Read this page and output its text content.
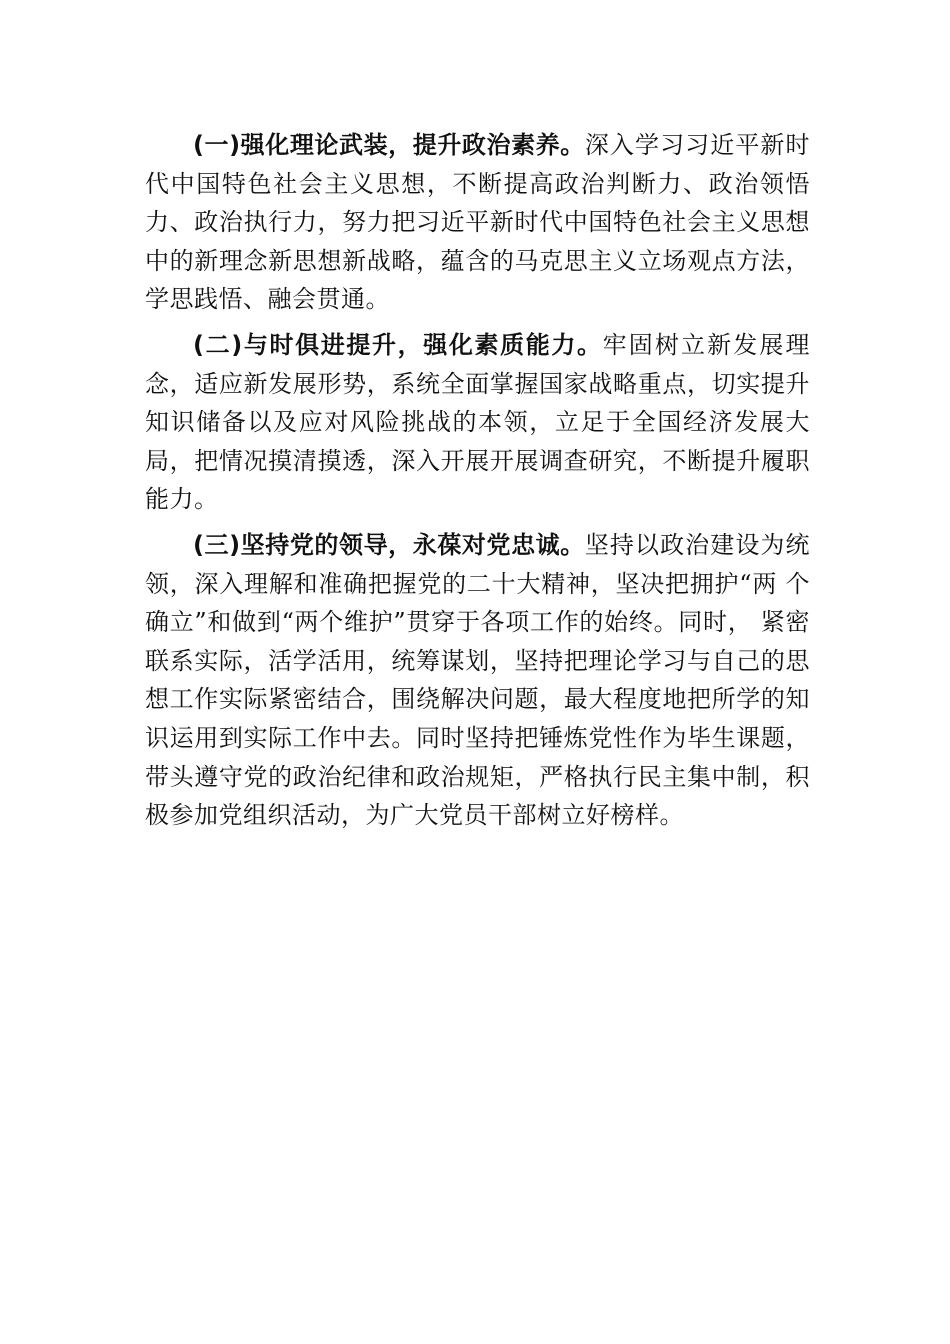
(一)强化理论武装，提升政治素养。深入学习习近平新时代中国特色社会主义思想，不断提高政治判断力、政治领悟力、政治执行力，努力把习近平新时代中国特色社会主义思想中的新理念新思想新战略，蕴含的马克思主义立场观点方法，学思践悟、融会贯通。

(二)与时俱进提升，强化素质能力。牢固树立新发展理念，适应新发展形势，系统全面掌握国家战略重点，切实提升知识储备以及应对风险挑战的本领，立足于全国经济发展大局，把情况摸清摸透，深入开展开展调查研究，不断提升履职能力。

(三)坚持党的领导，永葆对党忠诚。坚持以政治建设为统领，深入理解和准确把握党的二十大精神，坚决把拥护“两 个确立”和做到“两个维护”贯穿于各项工作的始终。同时， 紧密联系实际，活学活用，统筹谋划，坚持把理论学习与自己的思想工作实际紧密结合，围绕解决问题，最大程度地把所学的知识运用到实际工作中去。同时坚持把锤炼党性作为毕生课题，带头遵守党的政治纪律和政治规矩，严格执行民主集中制，积极参加党组织活动，为广大党员干部树立好榜样。
